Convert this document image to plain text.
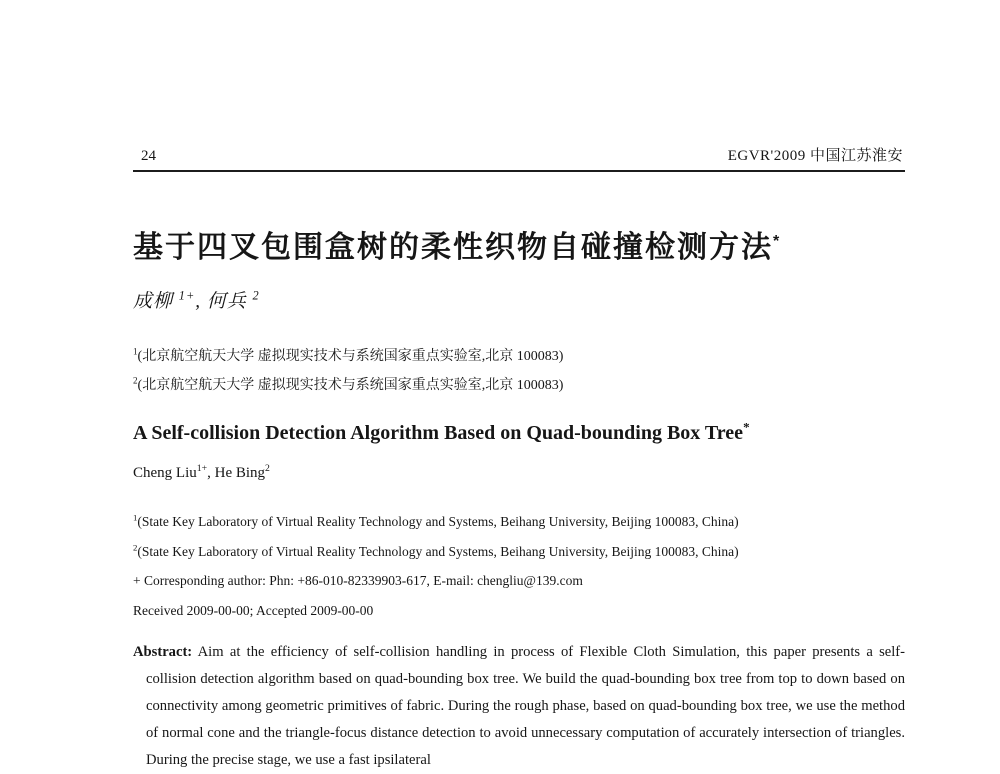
24	EGVR'2009 中国江苏淮安
基于四叉包围盒树的柔性织物自碰撞检测方法*
成柳 $^{1+}$, 何兵 $^2$
$^1$(北京航空航天大学 虚拟现实技术与系统国家重点实验室,北京 100083)
$^2$(北京航空航天大学 虚拟现实技术与系统国家重点实验室,北京 100083)
A Self-collision Detection Algorithm Based on Quad-bounding Box Tree*
Cheng Liu$^{1+}$, He Bing$^2$
$^1$(State Key Laboratory of Virtual Reality Technology and Systems, Beihang University, Beijing 100083, China)
$^2$(State Key Laboratory of Virtual Reality Technology and Systems, Beihang University, Beijing 100083, China)
+ Corresponding author: Phn: +86-010-82339903-617, E-mail: chengliu@139.com
Received 2009-00-00; Accepted 2009-00-00

Abstract: Aim at the efficiency of self-collision handling in process of Flexible Cloth Simulation, this paper presents a self-collision detection algorithm based on quad-bounding box tree. We build the quad-bounding box tree from top to down based on connectivity among geometric primitives of fabric. During the rough phase, based on quad-bounding box tree, we use the method of normal cone and the triangle-focus distance detection to avoid unnecessary computation of accurately intersection of triangles. During the precise stage, we use a fast ipsilateral
